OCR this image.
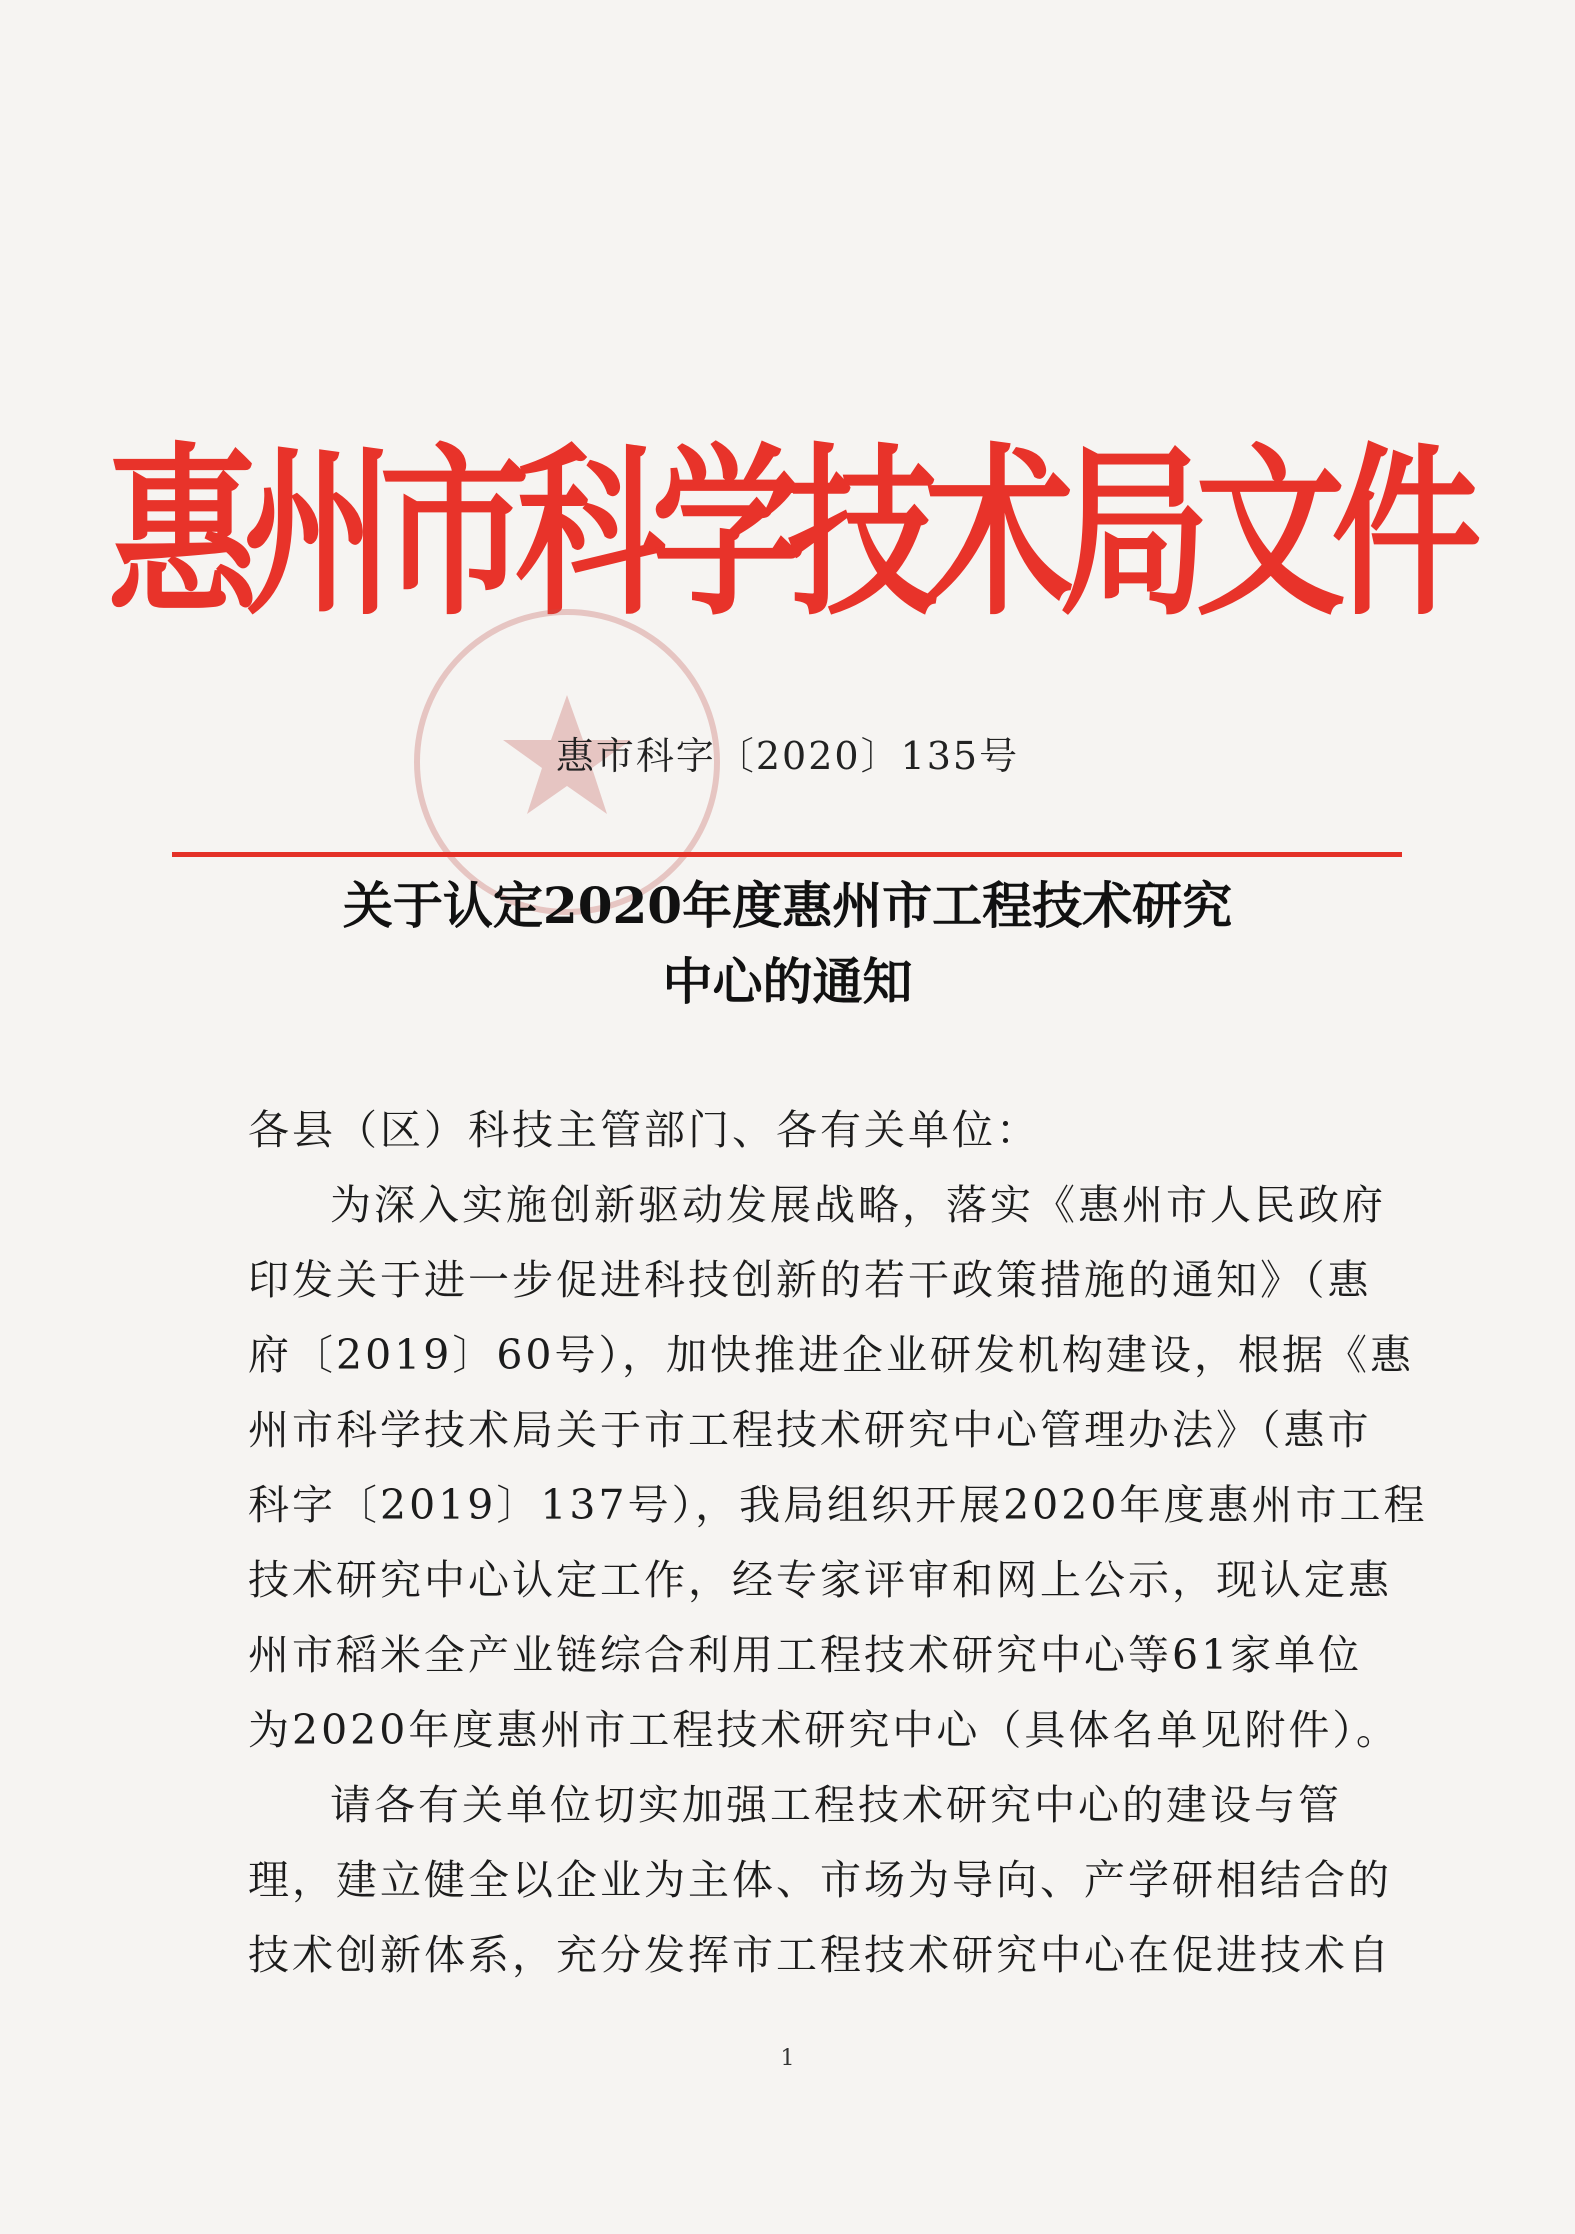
惠州市科学技术局文件
惠市科字〔2020〕135号
关于认定2020年度惠州市工程技术研究
中心的通知
各县（区）科技主管部门、各有关单位：
为深入实施创新驱动发展战略，落实《惠州市人民政府
印发关于进一步促进科技创新的若干政策措施的通知》（惠
府〔2019〕60号），加快推进企业研发机构建设，根据《惠
州市科学技术局关于市工程技术研究中心管理办法》（惠市
科字〔2019〕137号），我局组织开展2020年度惠州市工程
技术研究中心认定工作，经专家评审和网上公示，现认定惠
州市稻米全产业链综合利用工程技术研究中心等61家单位
为2020年度惠州市工程技术研究中心（具体名单见附件）。
请各有关单位切实加强工程技术研究中心的建设与管
理，建立健全以企业为主体、市场为导向、产学研相结合的
技术创新体系，充分发挥市工程技术研究中心在促进技术自
1
